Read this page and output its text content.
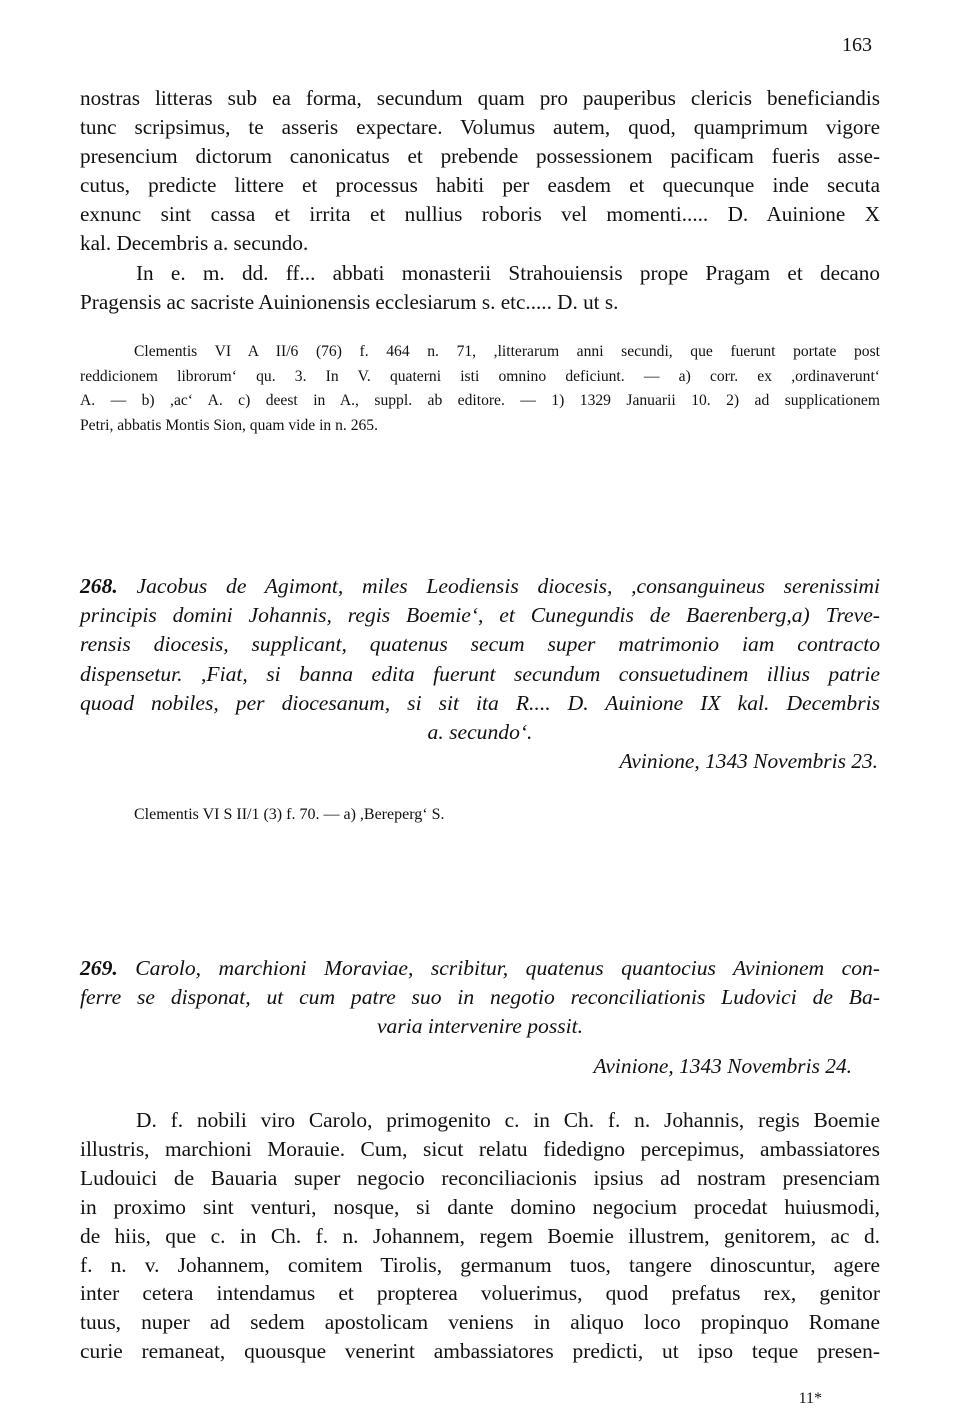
163
nostras litteras sub ea forma, secundum quam pro pauperibus clericis beneficiandis
tunc scripsimus, te asseris expectare. Volumus autem, quod, quamprimum vigore
presencium dictorum canonicatus et prebende possessionem pacificam fueris asse-
cutus, predicte littere et processus habiti per easdem et quecunque inde secuta
exnunc sint cassa et irrita et nullius roboris vel momenti..... D. Auinione X
kal. Decembris a. secundo.
In e. m. dd. ff... abbati monasterii Strahouiensis prope Pragam et decano
Pragensis ac sacriste Auinionensis ecclesiarum s. etc..... D. ut s.
Clementis VI A II/6 (76) f. 464 n. 71, ,litterarum anni secundi, que fuerunt portate post
reddicionem librorum‘ qu. 3. In V. quaterni isti omnino deficiunt. — a) corr. ex ,ordinaverunt‘
A. — b) ,ac‘ A. c) deest in A., suppl. ab editore. — 1) 1329 Januarii 10. 2) ad supplicationem
Petri, abbatis Montis Sion, quam vide in n. 265.
268. Jacobus de Agimont, miles Leodiensis diocesis, ,consanguineus serenissimi
principis domini Johannis, regis Boemie‘, et Cunegundis de Baerenberg,a) Treve-
rensis diocesis, supplicant, quatenus secum super matrimonio iam contracto
dispensetur. ,Fiat, si banna edita fuerunt secundum consuetudinem illius patrie
quoad nobiles, per diocesanum, si sit ita R.... D. Auinione IX kal. Decembris
a. secundo‘.
Avinione, 1343 Novembris 23.
Clementis VI S II/1 (3) f. 70. — a) ,Bereperg‘ S.
269. Carolo, marchioni Moraviae, scribitur, quatenus quantocius Avinionem con-
ferre se disponat, ut cum patre suo in negotio reconciliationis Ludovici de Ba-
varia intervenire possit.
Avinione, 1343 Novembris 24.
D. f. nobili viro Carolo, primogenito c. in Ch. f. n. Johannis, regis Boemie
illustris, marchioni Morauie. Cum, sicut relatu fidedigno percepimus, ambassiatores
Ludouici de Bauaria super negocio reconciliacionis ipsius ad nostram presenciam
in proximo sint venturi, nosque, si dante domino negocium procedat huiusmodi,
de hiis, que c. in Ch. f. n. Johannem, regem Boemie illustrem, genitorem, ac d.
f. n. v. Johannem, comitem Tirolis, germanum tuos, tangere dinoscuntur, agere
inter cetera intendamus et propterea voluerimus, quod prefatus rex, genitor
tuus, nuper ad sedem apostolicam veniens in aliquo loco propinquo Romane
curie remaneat, quousque venerint ambassiatores predicti, ut ipso teque presen-
11*
